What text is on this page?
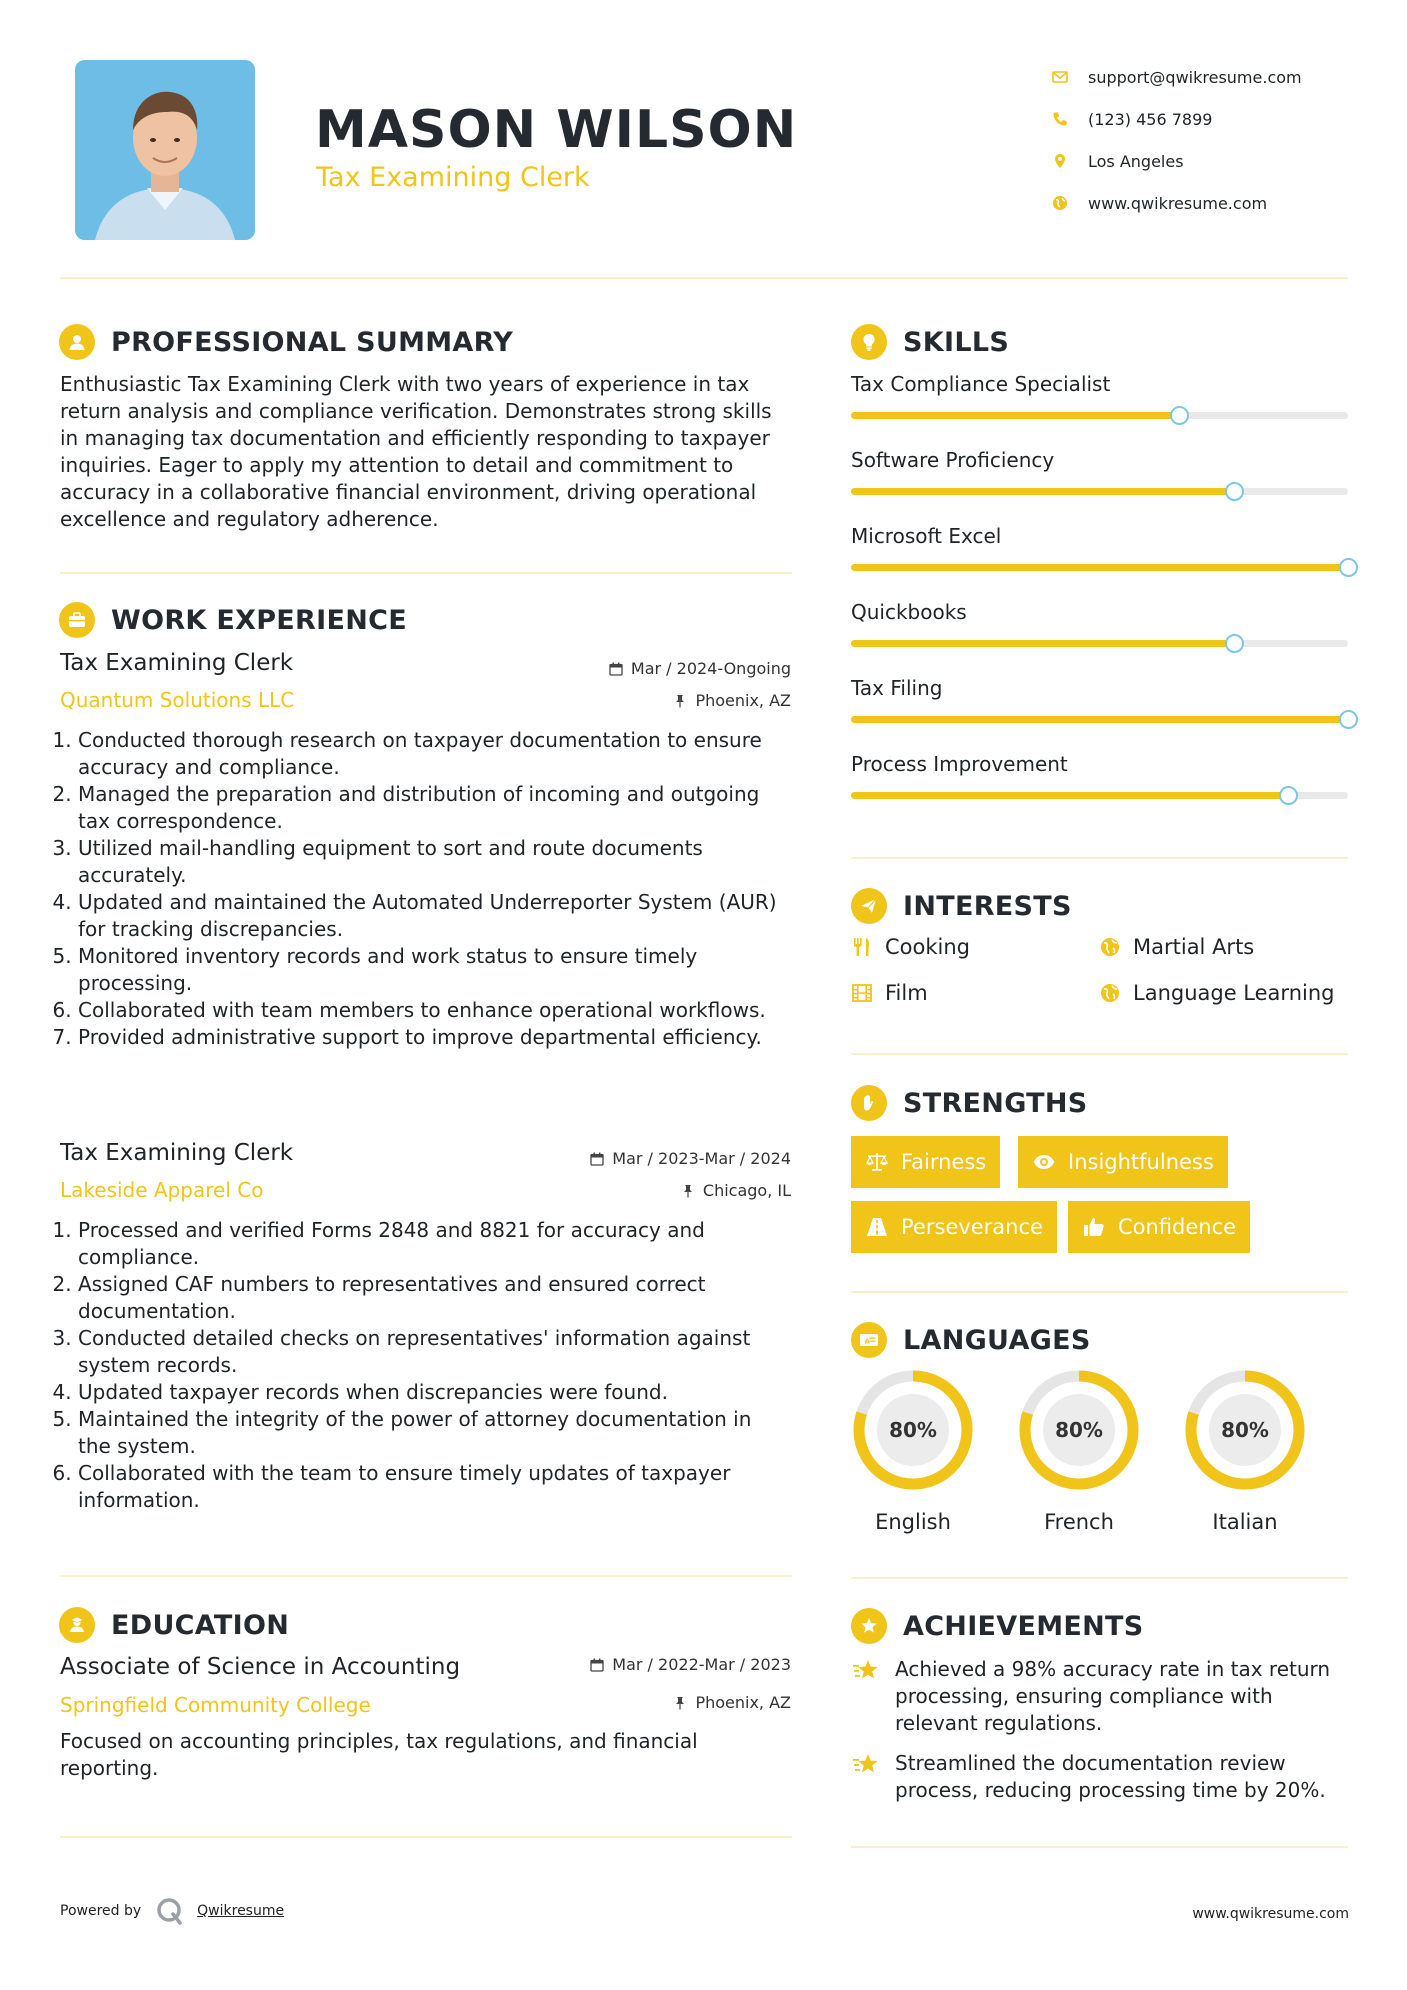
MASON WILSON
Tax Examining Clerk
support@qwikresume.com
(123) 456 7899
Los Angeles
www.qwikresume.com
PROFESSIONAL SUMMARY
Enthusiastic Tax Examining Clerk with two years of experience in tax return analysis and compliance verification. Demonstrates strong skills in managing tax documentation and efficiently responding to taxpayer inquiries. Eager to apply my attention to detail and commitment to accuracy in a collaborative financial environment, driving operational excellence and regulatory adherence.
WORK EXPERIENCE
Tax Examining Clerk
Quantum Solutions LLC
Mar / 2024-Ongoing
Phoenix, AZ
1. Conducted thorough research on taxpayer documentation to ensure accuracy and compliance.
2. Managed the preparation and distribution of incoming and outgoing tax correspondence.
3. Utilized mail-handling equipment to sort and route documents accurately.
4. Updated and maintained the Automated Underreporter System (AUR) for tracking discrepancies.
5. Monitored inventory records and work status to ensure timely processing.
6. Collaborated with team members to enhance operational workflows.
7. Provided administrative support to improve departmental efficiency.
Tax Examining Clerk
Lakeside Apparel Co
Mar / 2023-Mar / 2024
Chicago, IL
1. Processed and verified Forms 2848 and 8821 for accuracy and compliance.
2. Assigned CAF numbers to representatives and ensured correct documentation.
3. Conducted detailed checks on representatives' information against system records.
4. Updated taxpayer records when discrepancies were found.
5. Maintained the integrity of the power of attorney documentation in the system.
6. Collaborated with the team to ensure timely updates of taxpayer information.
EDUCATION
Associate of Science in Accounting
Springfield Community College
Mar / 2022-Mar / 2023
Phoenix, AZ
Focused on accounting principles, tax regulations, and financial reporting.
SKILLS
Tax Compliance Specialist
Software Proficiency
Microsoft Excel
Quickbooks
Tax Filing
Process Improvement
INTERESTS
Cooking	Martial Arts
Film	Language Learning
STRENGTHS
Fairness	Insightfulness
Perseverance	Confidence
A LANGUAGES
80%
English
80%
French
80%
Italian
ACHIEVEMENTS
Achieved a 98% accuracy rate in tax return processing, ensuring compliance with relevant regulations.
Streamlined the documentation review process, reducing processing time by 20%.
Powered by	Qwikresume	www.qwikresume.com
